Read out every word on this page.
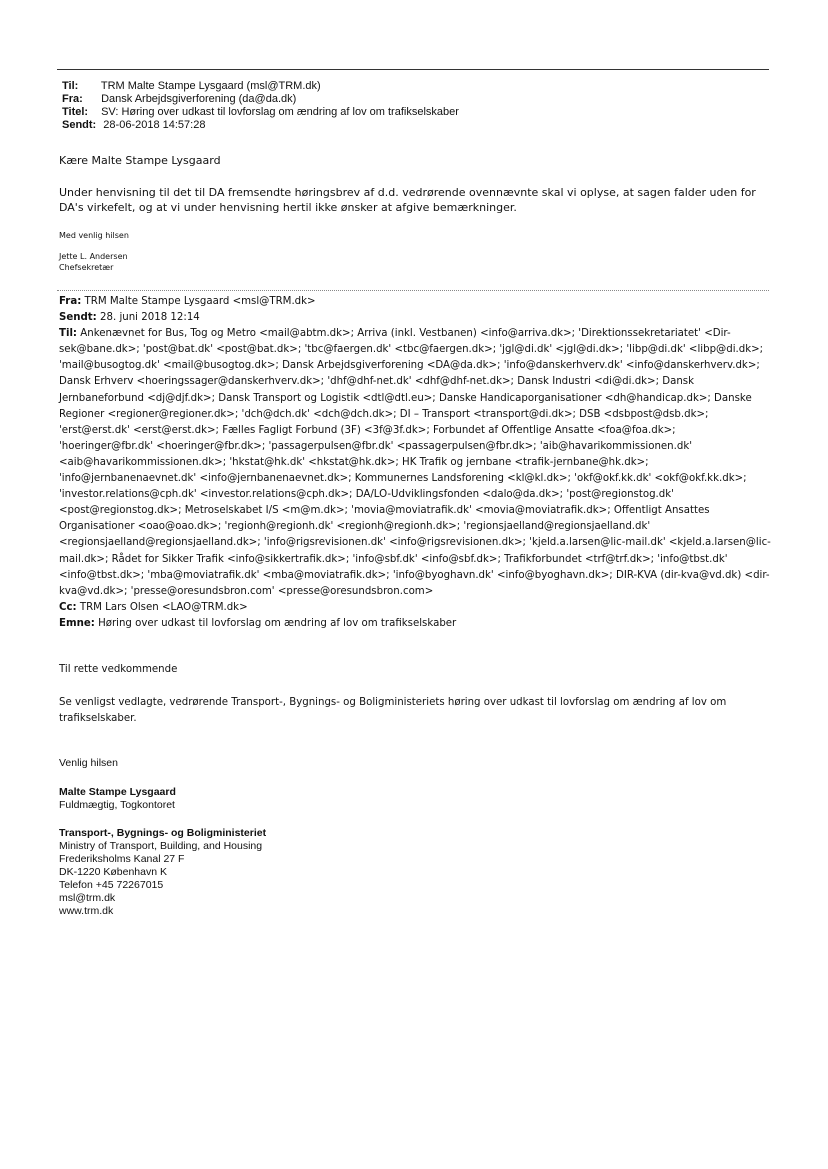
Til: TRM Malte Stampe Lysgaard (msl@TRM.dk)
Fra: Dansk Arbejdsgiverforening (da@da.dk)
Titel: SV: Høring over udkast til lovforslag om ændring af lov om trafikselskaber
Sendt: 28-06-2018 14:57:28
Kære Malte Stampe Lysgaard
Under henvisning til det til DA fremsendte høringsbrev af d.d. vedrørende ovennævnte skal vi oplyse, at sagen falder uden for DA's virkefelt, og at vi under henvisning hertil ikke ønsker at afgive bemærkninger.
Med venlig hilsen
Jette L. Andersen
Chefsekretær
Fra: TRM Malte Stampe Lysgaard <msl@TRM.dk>
Sendt: 28. juni 2018 12:14
Til: Ankenævnet for Bus, Tog og Metro <mail@abtm.dk>; Arriva (inkl. Vestbanen) <info@arriva.dk>; 'Direktionssekretariatet' <Dir-sek@bane.dk>; 'post@bat.dk' <post@bat.dk>; 'tbc@faergen.dk' <tbc@faergen.dk>; 'jgl@di.dk' <jgl@di.dk>; 'libp@di.dk' <libp@di.dk>; 'mail@busogtog.dk' <mail@busogtog.dk>; Dansk Arbejdsgiverforening <DA@da.dk>; 'info@danskerhverv.dk' <info@danskerhverv.dk>; Dansk Erhverv <hoeringssager@danskerhverv.dk>; 'dhf@dhf-net.dk' <dhf@dhf-net.dk>; Dansk Industri <di@di.dk>; Dansk Jernbaneforbund <dj@djf.dk>; Dansk Transport og Logistik <dtl@dtl.eu>; Danske Handicaporganisationer <dh@handicap.dk>; Danske Regioner <regioner@regioner.dk>; 'dch@dch.dk' <dch@dch.dk>; DI – Transport <transport@di.dk>; DSB <dsbpost@dsb.dk>; 'erst@erst.dk' <erst@erst.dk>; Fælles Fagligt Forbund (3F) <3f@3f.dk>; Forbundet af Offentlige Ansatte <foa@foa.dk>; 'hoeringer@fbr.dk' <hoeringer@fbr.dk>; 'passagerpulsen@fbr.dk' <passagerpulsen@fbr.dk>; 'aib@havarikommissionen.dk' <aib@havarikommissionen.dk>; 'hkstat@hk.dk' <hkstat@hk.dk>; HK Trafik og jernbane <trafik-jernbane@hk.dk>; 'info@jernbanenaevnet.dk' <info@jernbanenaevnet.dk>; Kommunernes Landsforening <kl@kl.dk>; 'okf@okf.kk.dk' <okf@okf.kk.dk>; 'investor.relations@cph.dk' <investor.relations@cph.dk>; DA/LO-Udviklingsfonden <dalo@da.dk>; 'post@regionstog.dk' <post@regionstog.dk>; Metroselskabet I/S <m@m.dk>; 'movia@moviatrafik.dk' <movia@moviatrafik.dk>; Offentligt Ansattes Organisationer <oao@oao.dk>; 'regionh@regionh.dk' <regionh@regionh.dk>; 'regionsjaelland@regionsjaelland.dk' <regionsjaelland@regionsjaelland.dk>; 'info@rigsrevisionen.dk' <info@rigsrevisionen.dk>; 'kjeld.a.larsen@lic-mail.dk' <kjeld.a.larsen@lic-mail.dk>; Rådet for Sikker Trafik <info@sikkertrafik.dk>; 'info@sbf.dk' <info@sbf.dk>; Trafikforbundet <trf@trf.dk>; 'info@tbst.dk' <info@tbst.dk>; 'mba@moviatrafik.dk' <mba@moviatrafik.dk>; 'info@byoghavn.dk' <info@byoghavn.dk>; DIR-KVA (dir-kva@vd.dk) <dir-kva@vd.dk>; 'presse@oresundsbron.com' <presse@oresundsbron.com>
Cc: TRM Lars Olsen <LAO@TRM.dk>
Emne: Høring over udkast til lovforslag om ændring af lov om trafikselskaber
Til rette vedkommende
Se venligst vedlagte, vedrørende Transport-, Bygnings- og Boligministeriets høring over udkast til lovforslag om ændring af lov om trafikselskaber.
Venlig hilsen
Malte Stampe Lysgaard
Fuldmægtig, Togkontoret
Transport-, Bygnings- og Boligministeriet
Ministry of Transport, Building, and Housing
Frederiksholms Kanal 27 F
DK-1220 København K
Telefon +45 72267015
msl@trm.dk
www.trm.dk
